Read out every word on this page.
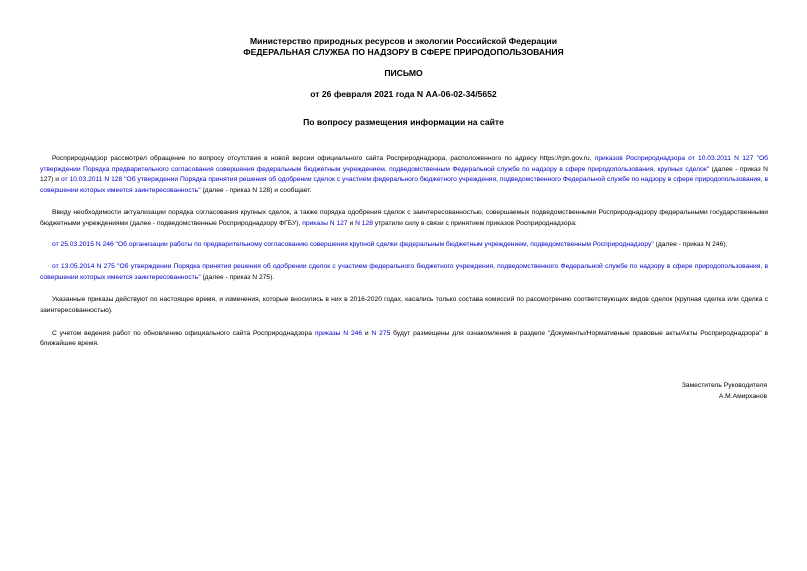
Министерство природных ресурсов и экологии Российской Федерации
ФЕДЕРАЛЬНАЯ СЛУЖБА ПО НАДЗОРУ В СФЕРЕ ПРИРОДОПОЛЬЗОВАНИЯ
ПИСЬМО
от 26 февраля 2021 года N АА-06-02-34/5652
По вопросу размещения информации на сайте

Росприроднадзор рассмотрел обращение по вопросу отсутствия в новой версии официального сайта Росприроднадзора, расположенного по адресу https://rpn.gov.ru, приказов Росприроднадзора от 10.03.2011 N 127 "Об утверждении Порядка предварительного согласования совершения федеральным бюджетным учреждением, подведомственным Федеральной службе по надзору в сфере природопользования, крупных сделок" (далее - приказ N 127) и от 10.03.2011 N 128 "Об утверждении Порядка принятия решения об одобрении сделок с участием федерального бюджетного учреждения, подведомственного Федеральной службе по надзору в сфере природопользования, в совершении которых имеется заинтересованность" (далее - приказ N 128) и сообщает.

Ввиду необходимости актуализации порядка согласования крупных сделок, а также порядка одобрения сделок с заинтересованностью, совершаемых подведомственными Росприроднадзору федеральными государственными бюджетными учреждениями (далее - подведомственные Росприроднадзору ФГБУ), приказы N 127 и N 128 утратили силу в связи с принятием приказов Росприроднадзора:

от 25.03.2015 N 246 "Об организации работы по предварительному согласованию совершения крупной сделки федеральным бюджетным учреждением, подведомственным Росприроднадзору" (далее - приказ N 246);

от 13.05.2014 N 275 "Об утверждении Порядка принятия решения об одобрении сделок с участием федерального бюджетного учреждения, подведомственного Федеральной службе по надзору в сфере природопользования, в совершении которых имеется заинтересованность" (далее - приказ N 275).

Указанные приказы действуют по настоящее время, и изменения, которые вносились в них в 2016-2020 годах, касались только состава комиссий по рассмотрению соответствующих видов сделок (крупная сделка или сделка с заинтересованностью).

С учетом ведения работ по обновлению официального сайта Росприроднадзора приказы N 246 и N 275 будут размещены для ознакомления в разделе "Документы/Нормативные правовые акты/Акты Росприроднадзора" в ближайшее время.

Заместитель Руководителя
А.М.Амирханов
